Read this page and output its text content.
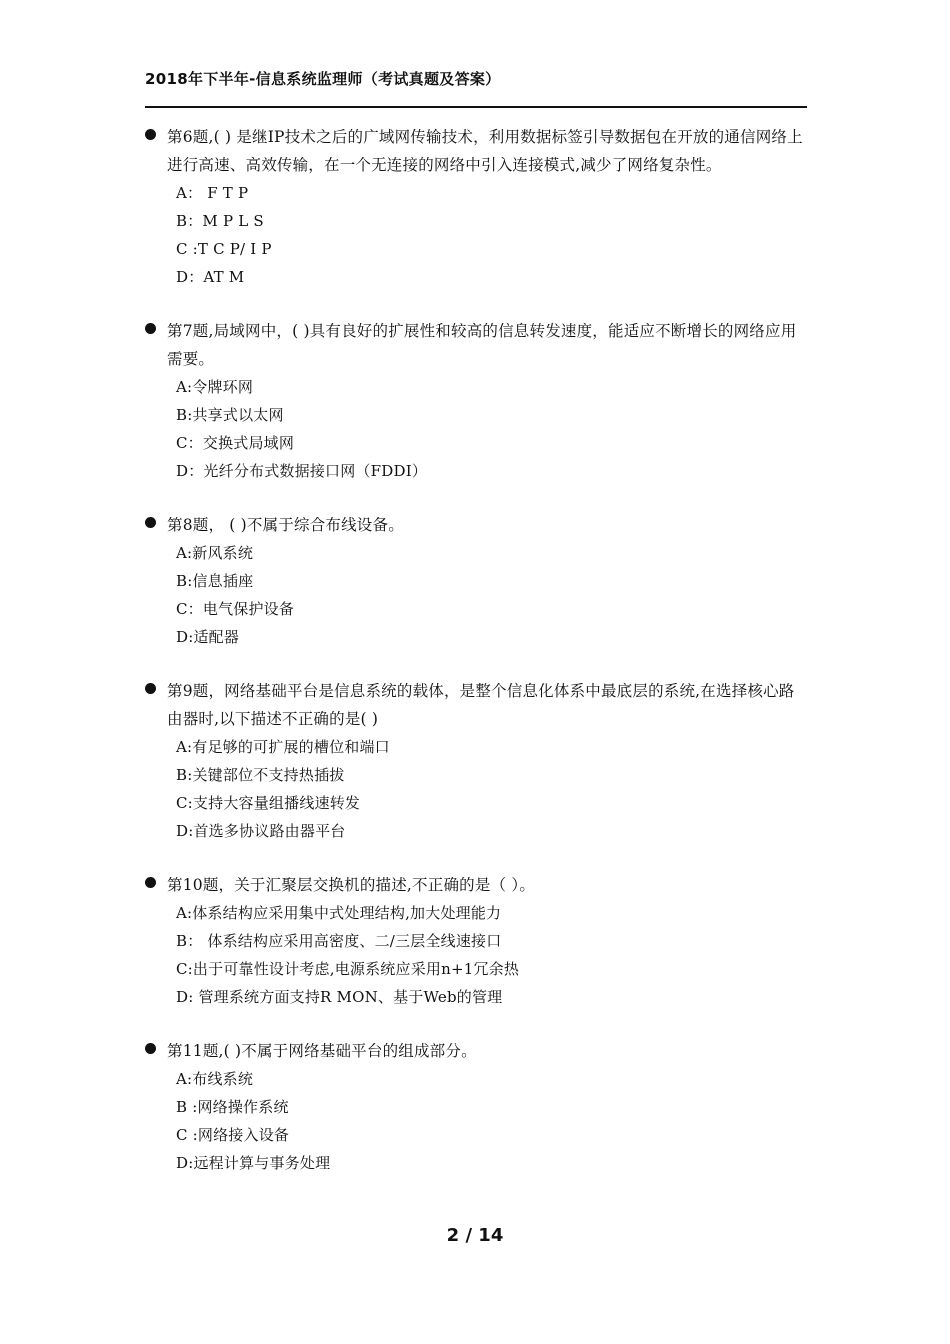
2018年下半年-信息系统监理师（考试真题及答案）
第6题,( ) 是继IP技术之后的广域网传输技术，利用数据标签引导数据包在开放的通信网络上进行高速、高效传输，在一个无连接的网络中引入连接模式,减少了网络复杂性。
A： F T P
B：M P L S
C :T C P/ I P
D：AT M
第7题,局域网中，( )具有良好的扩展性和较高的信息转发速度，能适应不断增长的网络应用需要。
A:令牌环网
B:共享式以太网
C：交换式局域网
D：光纤分布式数据接口网（FDDI）
第8题， ( )不属于综合布线设备。
A:新风系统
B:信息插座
C：电气保护设备
D:适配器
第9题，网络基础平台是信息系统的载体，是整个信息化体系中最底层的系统,在选择核心路由器时,以下描述不正确的是( )
A:有足够的可扩展的槽位和端口
B:关键部位不支持热插拔
C:支持大容量组播线速转发
D:首选多协议路由器平台
第10题，关于汇聚层交换机的描述,不正确的是（ ）。
A:体系结构应采用集中式处理结构,加大处理能力
B： 体系结构应采用高密度、二/三层全线速接口
C:出于可靠性设计考虑,电源系统应采用n+1冗余热
D: 管理系统方面支持R MON、基于Web的管理
第11题,( )不属于网络基础平台的组成部分。
A:布线系统
B :网络操作系统
C :网络接入设备
D:远程计算与事务处理
2 / 14
